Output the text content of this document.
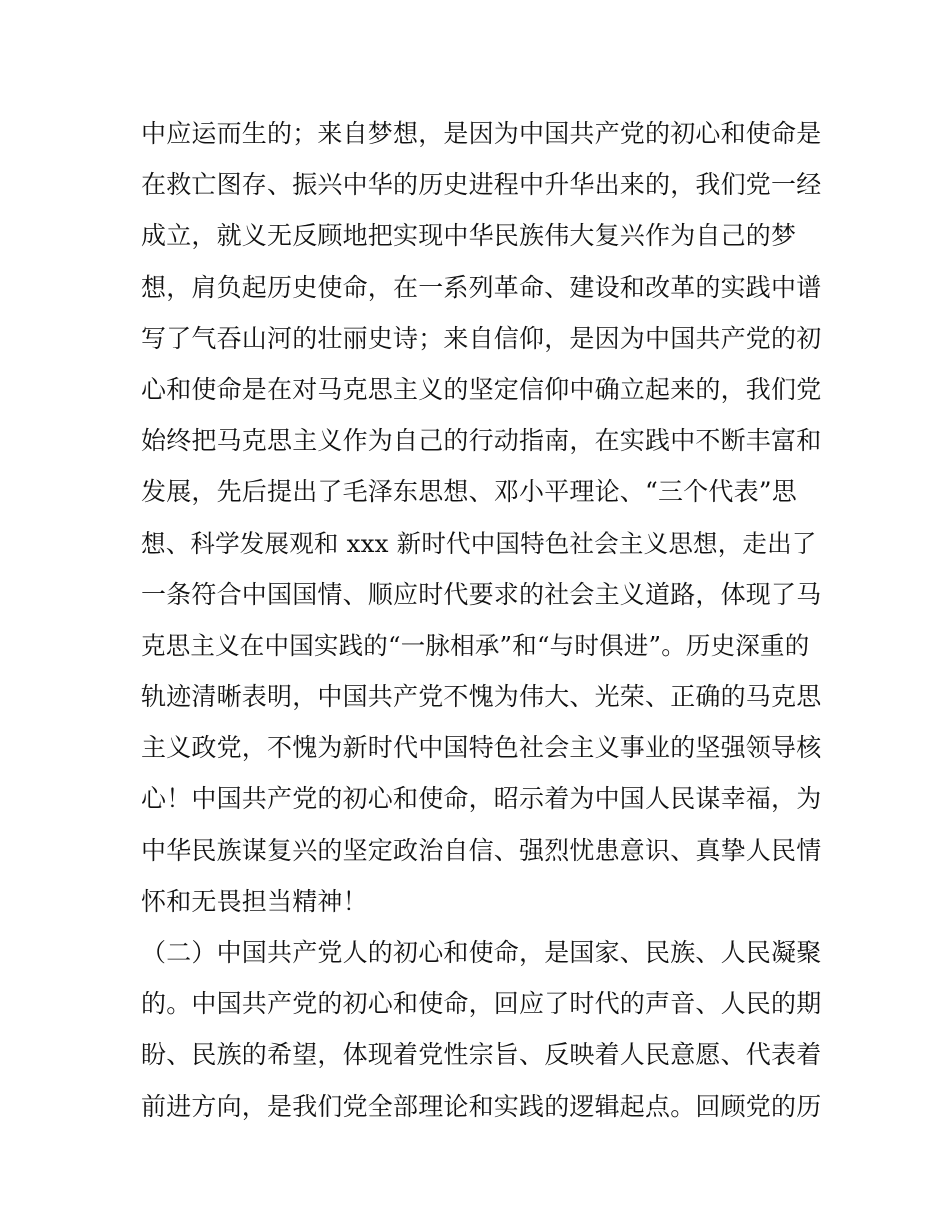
中应运而生的；来自梦想，是因为中国共产党的初心和使命是
在救亡图存、振兴中华的历史进程中升华出来的，我们党一经
成立，就义无反顾地把实现中华民族伟大复兴作为自己的梦
想，肩负起历史使命，在一系列革命、建设和改革的实践中谱
写了气吞山河的壮丽史诗；来自信仰，是因为中国共产党的初
心和使命是在对马克思主义的坚定信仰中确立起来的，我们党
始终把马克思主义作为自己的行动指南，在实践中不断丰富和
发展，先后提出了毛泽东思想、邓小平理论、“三个代表”思
想、科学发展观和 xxx 新时代中国特色社会主义思想，走出了
一条符合中国国情、顺应时代要求的社会主义道路，体现了马
克思主义在中国实践的“一脉相承”和“与时俱进”。历史深重的
轨迹清晰表明，中国共产党不愧为伟大、光荣、正确的马克思
主义政党，不愧为新时代中国特色社会主义事业的坚强领导核
心！中国共产党的初心和使命，昭示着为中国人民谋幸福，为
中华民族谋复兴的坚定政治自信、强烈忧患意识、真挚人民情
怀和无畏担当精神！
（二）中国共产党人的初心和使命，是国家、民族、人民凝聚
的。中国共产党的初心和使命，回应了时代的声音、人民的期
盼、民族的希望，体现着党性宗旨、反映着人民意愿、代表着
前进方向，是我们党全部理论和实践的逻辑起点。回顾党的历
